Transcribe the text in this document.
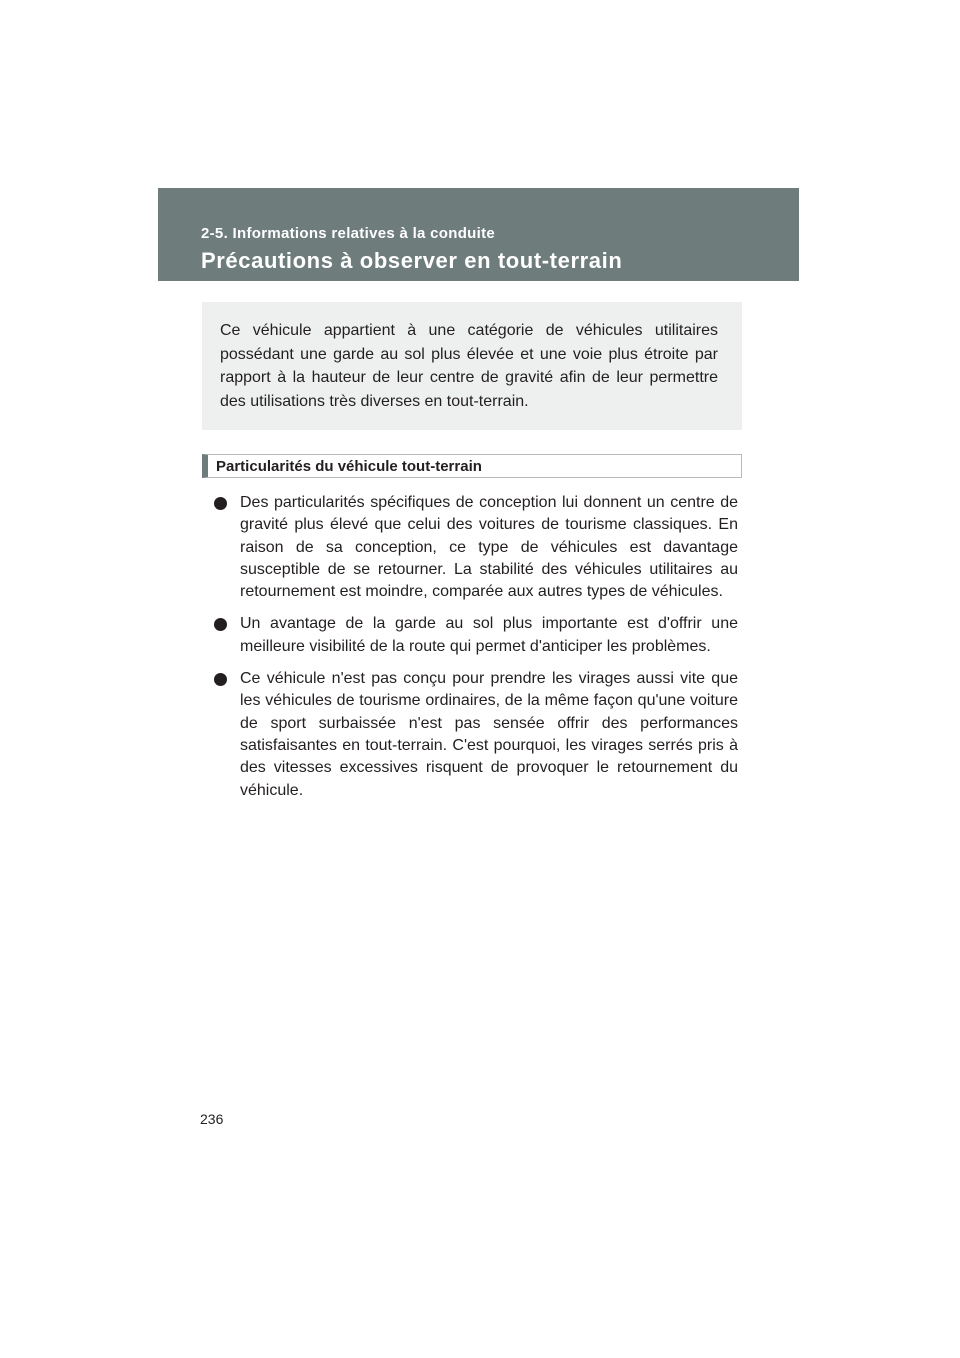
2-5. Informations relatives à la conduite
Précautions à observer en tout-terrain
Ce véhicule appartient à une catégorie de véhicules utilitaires possédant une garde au sol plus élevée et une voie plus étroite par rapport à la hauteur de leur centre de gravité afin de leur permettre des utilisations très diverses en tout-terrain.
Particularités du véhicule tout-terrain
Des particularités spécifiques de conception lui donnent un centre de gravité plus élevé que celui des voitures de tourisme classiques. En raison de sa conception, ce type de véhicules est davantage susceptible de se retourner. La stabilité des véhicules utilitaires au retournement est moindre, comparée aux autres types de véhicules.
Un avantage de la garde au sol plus importante est d'offrir une meilleure visibilité de la route qui permet d'anticiper les problèmes.
Ce véhicule n'est pas conçu pour prendre les virages aussi vite que les véhicules de tourisme ordinaires, de la même façon qu'une voiture de sport surbaissée n'est pas sensée offrir des performances satisfaisantes en tout-terrain. C'est pourquoi, les virages serrés pris à des vitesses excessives risquent de provoquer le retournement du véhicule.
236
